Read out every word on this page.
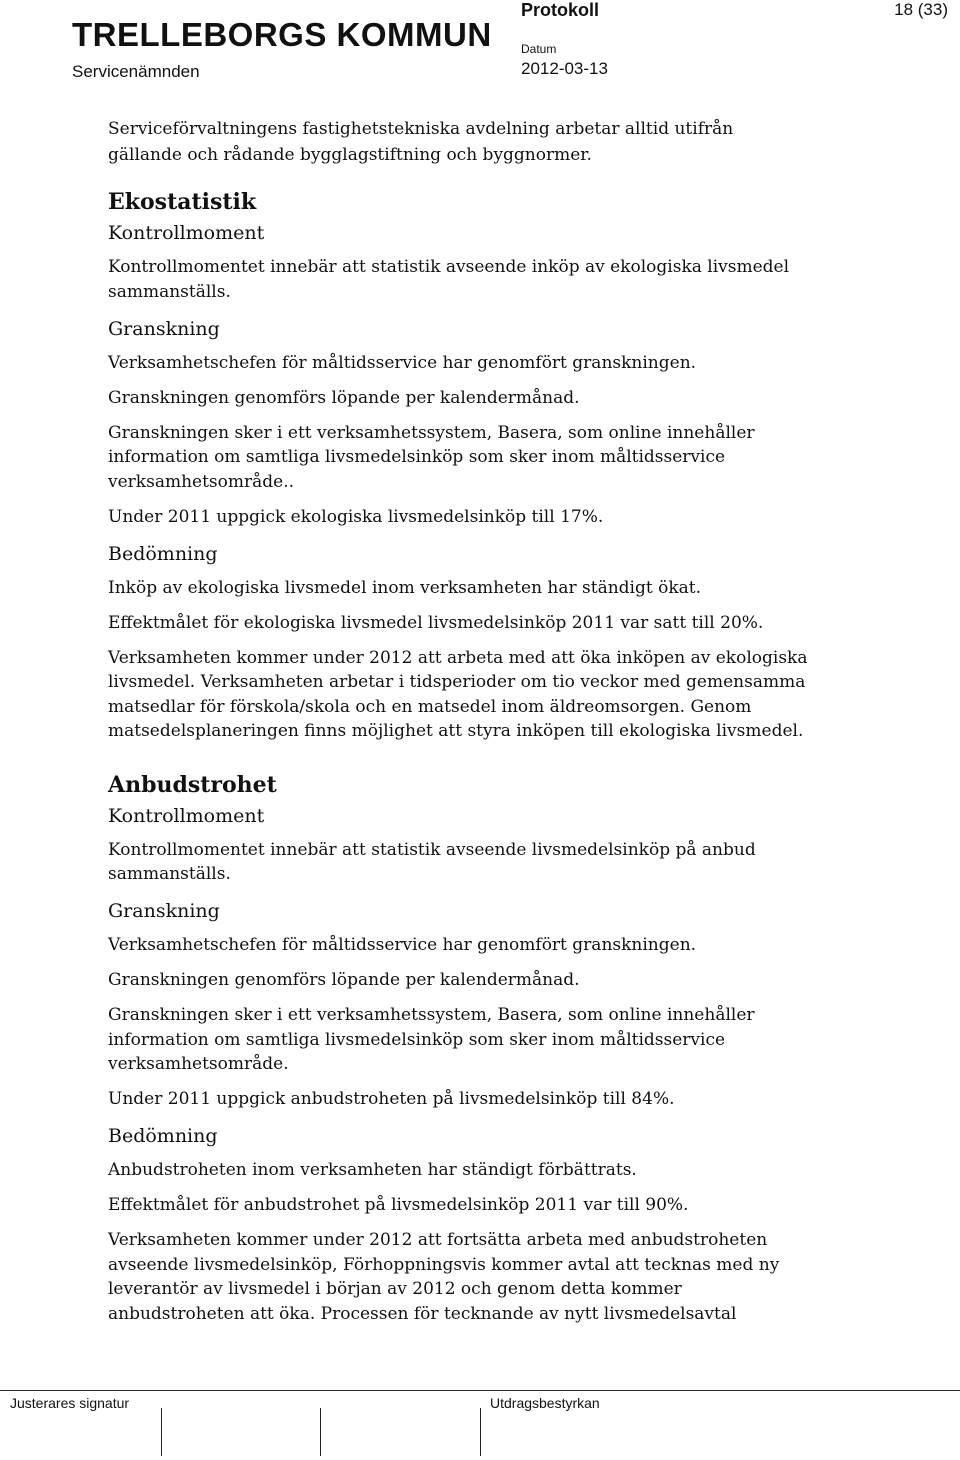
TRELLEBORGS KOMMUN
Servicenämnden
Protokoll
Datum
2012-03-13
18 (33)

Serviceförvaltningens fastighetstekniska avdelning arbetar alltid utifrån gällande och rådande bygglagstiftning och byggnormer.

Ekostatistik
Kontrollmoment

Kontrollmomentet innebär att statistik avseende inköp av ekologiska livsmedel sammanställs.

Granskning

Verksamhetschefen för måltidsservice har genomfört granskningen.

Granskningen genomförs löpande per kalendermånad.

Granskningen sker i ett verksamhetssystem, Basera, som online innehåller information om samtliga livsmedelsinköp som sker inom måltidsservice verksamhetsområde..

Under 2011 uppgick ekologiska livsmedelsinköp till 17%.

Bedömning

Inköp av ekologiska livsmedel inom verksamheten har ständigt ökat.

Effektmålet för ekologiska livsmedel livsmedelsinköp 2011 var satt till 20%.

Verksamheten kommer under 2012 att arbeta med att öka inköpen av ekologiska livsmedel. Verksamheten arbetar i tidsperioder om tio veckor med gemensamma matsedlar för förskola/skola och en matsedel inom äldreomsorgen. Genom matsedelsplaneringen finns möjlighet att styra inköpen till ekologiska livsmedel.

Anbudstrohet
Kontrollmoment

Kontrollmomentet innebär att statistik avseende livsmedelsinköp på anbud sammanställs.

Granskning

Verksamhetschefen för måltidsservice har genomfört granskningen.

Granskningen genomförs löpande per kalendermånad.

Granskningen sker i ett verksamhetssystem, Basera, som online innehåller information om samtliga livsmedelsinköp som sker inom måltidsservice verksamhetsområde.

Under 2011 uppgick anbudstroheten på livsmedelsinköp till 84%.

Bedömning

Anbudstroheten inom verksamheten har ständigt förbättrats.

Effektmålet för anbudstrohet på livsmedelsinköp 2011 var till 90%.

Verksamheten kommer under 2012 att fortsätta arbeta med anbudstroheten avseende livsmedelsinköp, Förhoppningsvis kommer avtal att tecknas med ny leverantör av livsmedel i början av 2012 och genom detta kommer anbudstroheten att öka. Processen för tecknande av nytt livsmedelsavtal

Justerares signatur	Utdragsbestyrkan
